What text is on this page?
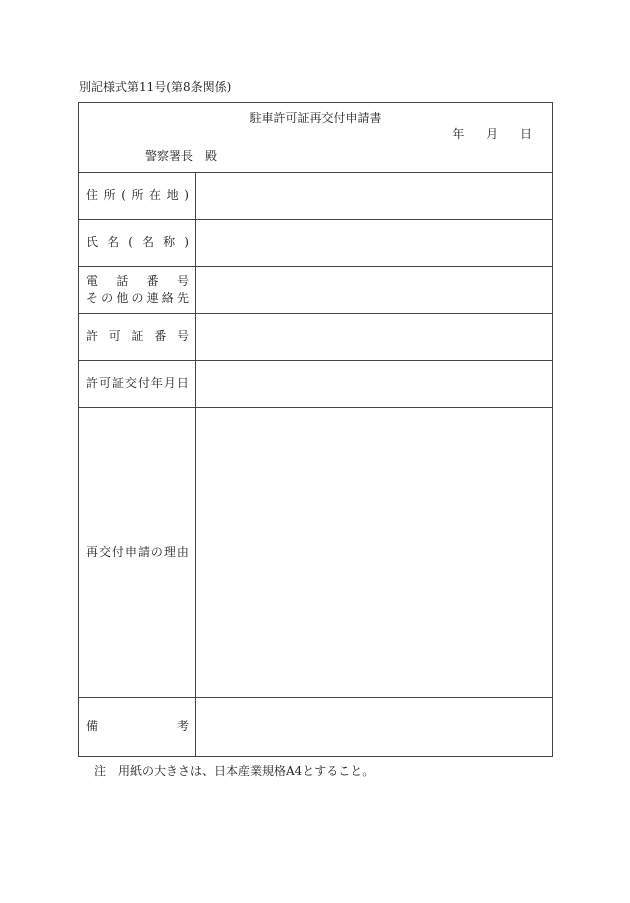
別記様式第11号(第8条関係)
駐車許可証再交付申請書
年 月 日
警察署長　殿
住 所 ( 所 在 地 )
氏 名 ( 名 称 )
電 話 番 号
そ の 他 の 連 絡 先
許 可 証 番 号
許 可 証 交 付 年 月 日
再 交 付 申 請 の 理 由
備	考
注　用紙の大きさは、日本産業規格A4とすること。
